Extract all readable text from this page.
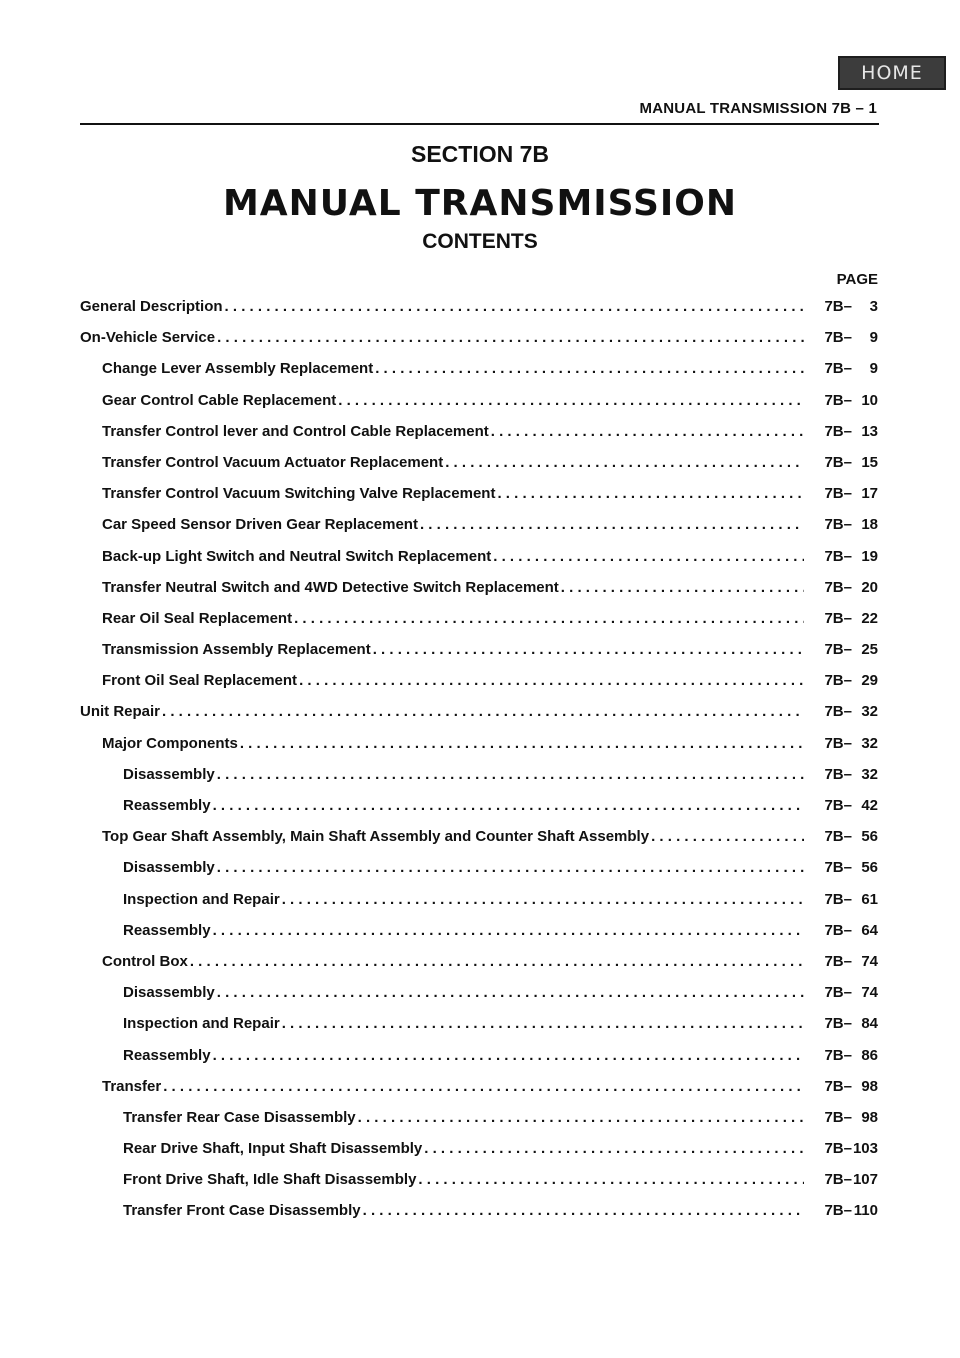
HOME
MANUAL TRANSMISSION 7B – 1
SECTION 7B
MANUAL TRANSMISSION
CONTENTS
PAGE
General Description . . .	7B– 3
On-Vehicle Service . . .	7B– 9
Change Lever Assembly Replacement . . .	7B– 9
Gear Control Cable Replacement . . .	7B– 10
Transfer Control lever and Control Cable Replacement . . .	7B– 13
Transfer Control Vacuum Actuator Replacement . . .	7B– 15
Transfer Control Vacuum Switching Valve Replacement . . .	7B– 17
Car Speed Sensor Driven Gear Replacement . . .	7B– 18
Back-up Light Switch and Neutral Switch Replacement . . .	7B– 19
Transfer Neutral Switch and 4WD Detective Switch Replacement . . .	7B– 20
Rear Oil Seal Replacement . . .	7B– 22
Transmission Assembly Replacement . . .	7B– 25
Front Oil Seal Replacement . . .	7B– 29
Unit Repair . . .	7B– 32
Major Components . . .	7B– 32
Disassembly . . .	7B– 32
Reassembly . . .	7B– 42
Top Gear Shaft Assembly, Main Shaft Assembly and Counter Shaft Assembly . . .	7B– 56
Disassembly . . .	7B– 56
Inspection and Repair . . .	7B– 61
Reassembly . . .	7B– 64
Control Box . . .	7B– 74
Disassembly . . .	7B– 74
Inspection and Repair . . .	7B– 84
Reassembly . . .	7B– 86
Transfer . . .	7B– 98
Transfer Rear Case Disassembly . . .	7B– 98
Rear Drive Shaft, Input Shaft Disassembly . . .	7B–103
Front Drive Shaft, Idle Shaft Disassembly . . .	7B–107
Transfer Front Case Disassembly . . .	7B– 110
